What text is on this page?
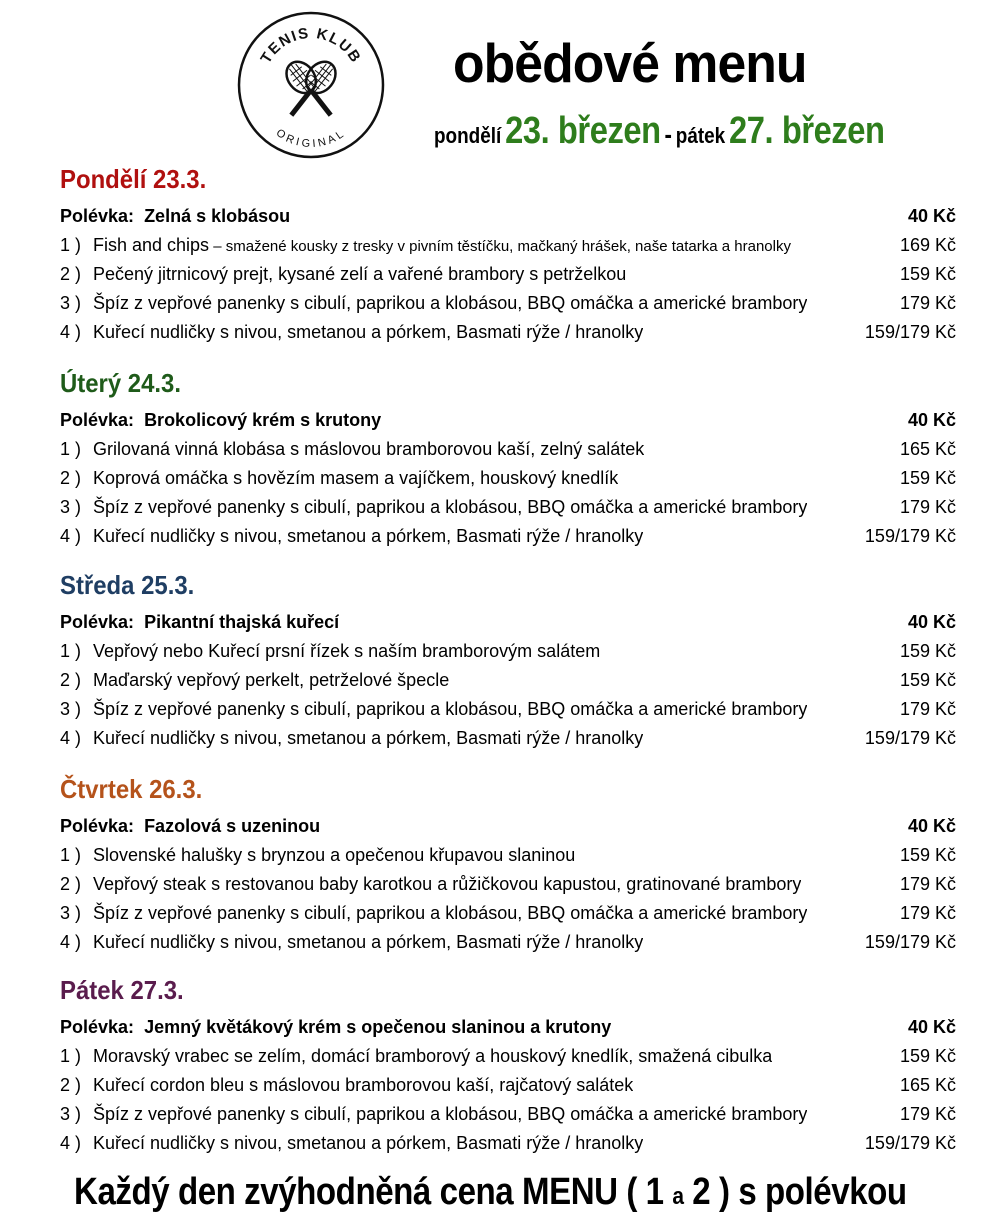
TENIS KLUB
ORIGINAL
obědové menu
pondělí 23. březen - pátek 27. březen
Pondělí 23.3.
Polévka: Zelná s klobásou	40 Kč
1 ) Fish and chips – smažené kousky z tresky v pivním těstíčku, mačkaný hrášek, naše tatarka a hranolky	169 Kč
2 ) Pečený jitrnicový prejt, kysané zelí a vařené brambory s petrželkou	159 Kč
3 ) Špíz z vepřové panenky s cibulí, paprikou a klobásou, BBQ omáčka a americké brambory	179 Kč
4 ) Kuřecí nudličky s nivou, smetanou a pórkem, Basmati rýže / hranolky	159/179 Kč
Úterý 24.3.
Polévka: Brokolicový krém s krutony	40 Kč
1 ) Grilovaná vinná klobása s máslovou bramborovou kaší, zelný salátek	165 Kč
2 ) Koprová omáčka s hovězím masem a vajíčkem, houskový knedlík	159 Kč
3 ) Špíz z vepřové panenky s cibulí, paprikou a klobásou, BBQ omáčka a americké brambory	179 Kč
4 ) Kuřecí nudličky s nivou, smetanou a pórkem, Basmati rýže / hranolky	159/179 Kč
Středa 25.3.
Polévka: Pikantní thajská kuřecí	40 Kč
1 ) Vepřový nebo Kuřecí prsní řízek s naším bramborovým salátem	159 Kč
2 ) Maďarský vepřový perkelt, petrželové špecle	159 Kč
3 ) Špíz z vepřové panenky s cibulí, paprikou a klobásou, BBQ omáčka a americké brambory	179 Kč
4 ) Kuřecí nudličky s nivou, smetanou a pórkem, Basmati rýže / hranolky	159/179 Kč
Čtvrtek 26.3.
Polévka: Fazolová s uzeninou	40 Kč
1 ) Slovenské halušky s brynzou a opečenou křupavou slaninou	159 Kč
2 ) Vepřový steak s restovanou baby karotkou a růžičkovou kapustou, gratinované brambory	179 Kč
3 ) Špíz z vepřové panenky s cibulí, paprikou a klobásou, BBQ omáčka a americké brambory	179 Kč
4 ) Kuřecí nudličky s nivou, smetanou a pórkem, Basmati rýže / hranolky	159/179 Kč
Pátek 27.3.
Polévka: Jemný květákový krém s opečenou slaninou a krutony	40 Kč
1 ) Moravský vrabec se zelím, domácí bramborový a houskový knedlík, smažená cibulka	159 Kč
2 ) Kuřecí cordon bleu s máslovou bramborovou kaší, rajčatový salátek	165 Kč
3 ) Špíz z vepřové panenky s cibulí, paprikou a klobásou, BBQ omáčka a americké brambory	179 Kč
4 ) Kuřecí nudličky s nivou, smetanou a pórkem, Basmati rýže / hranolky	159/179 Kč

Každý den zvýhodněná cena MENU ( 1 a 2 ) s polévkou
